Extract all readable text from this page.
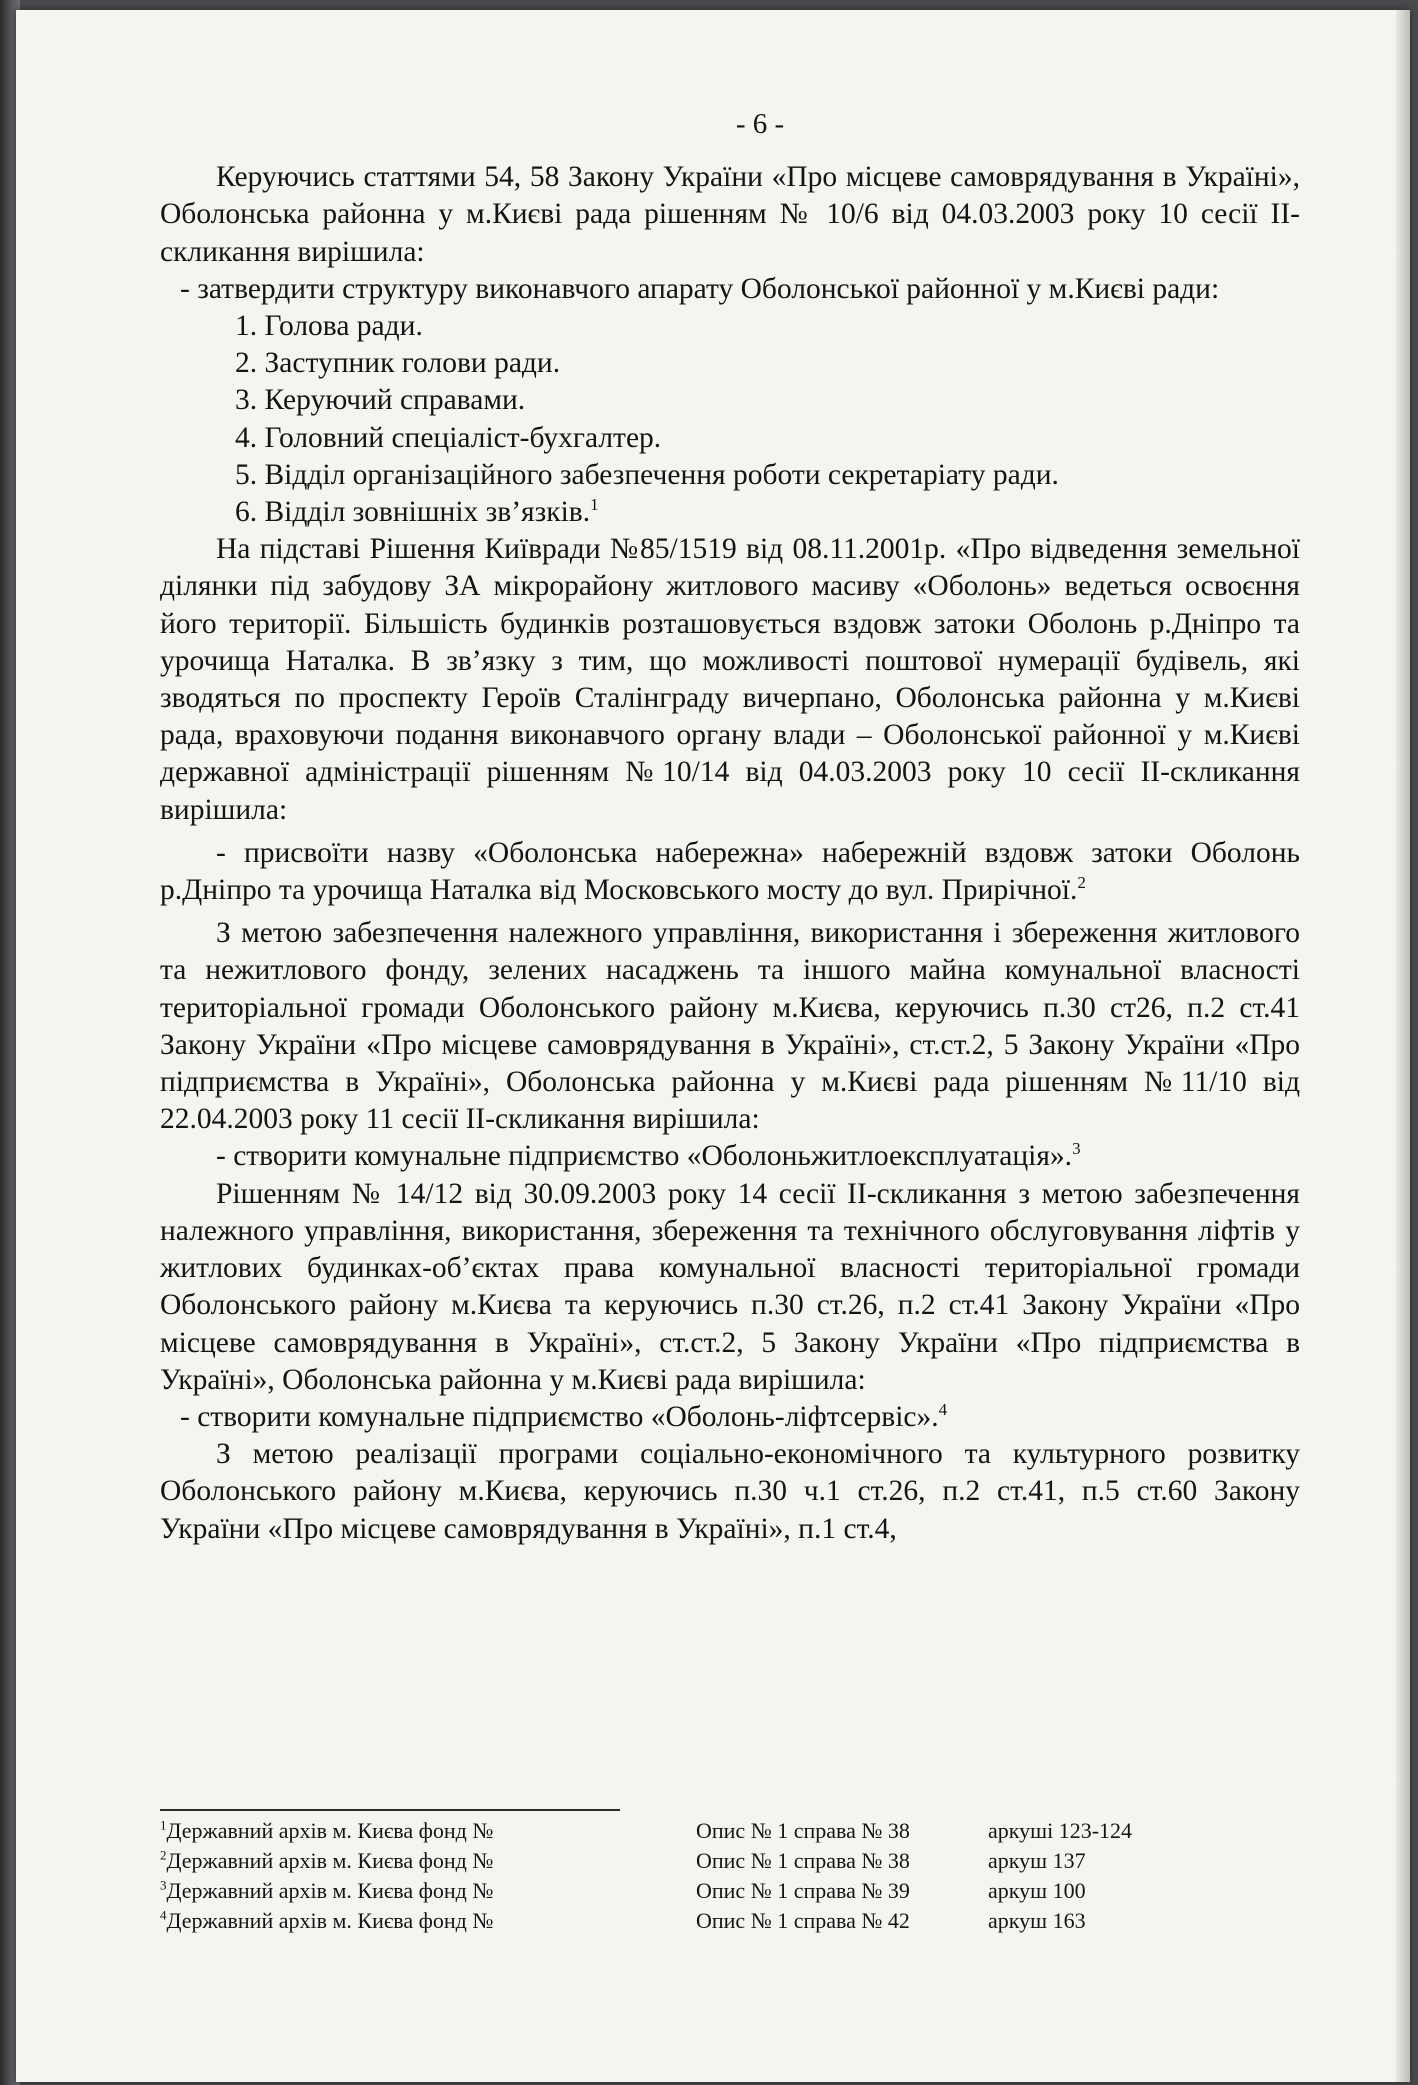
- 6 -

Керуючись статтями 54, 58 Закону України «Про місцеве самоврядування в Україні», Оболонська районна у м.Києві рада рішенням № 10/6 від 04.03.2003 року 10 сесії ІІ-скликання вирішила:

- затвердити структуру виконавчого апарату Оболонської районної у м.Києві ради:

1. Голова ради.
2. Заступник голови ради.
3. Керуючий справами.
4. Головний спеціаліст-бухгалтер.
5. Відділ організаційного забезпечення роботи секретаріату ради.
6. Відділ зовнішніх зв’язків.$^1$

На підставі Рішення Київради №85/1519 від 08.11.2001р. «Про відведення земельної ділянки під забудову ЗА мікрорайону житлового масиву «Оболонь» ведеться освоєння його території. Більшість будинків розташовується вздовж затоки Оболонь р.Дніпро та урочища Наталка. В зв’язку з тим, що можливості поштової нумерації будівель, які зводяться по проспекту Героїв Сталінграду вичерпано, Оболонська районна у м.Києві рада, враховуючи подання виконавчого органу влади – Оболонської районної у м.Києві державної адміністрації рішенням №10/14 від 04.03.2003 року 10 сесії ІІ-скликання вирішила:

- присвоїти назву «Оболонська набережна» набережній вздовж затоки Оболонь р.Дніпро та урочища Наталка від Московського мосту до вул. Прирічної.$^2$

З метою забезпечення належного управління, використання і збереження житлового та нежитлового фонду, зелених насаджень та іншого майна комунальної власності територіальної громади Оболонського району м.Києва, керуючись п.30 ст26, п.2 ст.41 Закону України «Про місцеве самоврядування в Україні», ст.ст.2, 5 Закону України «Про підприємства в Україні», Оболонська районна у м.Києві рада рішенням №11/10 від 22.04.2003 року 11 сесії ІІ-скликання вирішила:

- створити комунальне підприємство «Оболоньжитлоексплуатація».$^3$

Рішенням № 14/12 від 30.09.2003 року 14 сесії ІІ-скликання з метою забезпечення належного управління, використання, збереження та технічного обслуговування ліфтів у житлових будинках-об’єктах права комунальної власності територіальної громади Оболонського району м.Києва та керуючись п.30 ст.26, п.2 ст.41 Закону України «Про місцеве самоврядування в Україні», ст.ст.2, 5 Закону України «Про підприємства в Україні», Оболонська районна у м.Києві рада вирішила:

- створити комунальне підприємство «Оболонь-ліфтсервіс».$^4$

З метою реалізації програми соціально-економічного та культурного розвитку Оболонського району м.Києва, керуючись п.30 ч.1 ст.26, п.2 ст.41, п.5 ст.60 Закону України «Про місцеве самоврядування в Україні», п.1 ст.4,

$^1$Державний архів м. Києва фонд №	Опис № 1 справа № 38	аркуші 123-124
$^2$Державний архів м. Києва фонд №	Опис № 1 справа № 38	аркуш 137
$^3$Державний архів м. Києва фонд №	Опис № 1 справа № 39	аркуш 100
$^4$Державний архів м. Києва фонд №	Опис № 1 справа № 42	аркуш 163
